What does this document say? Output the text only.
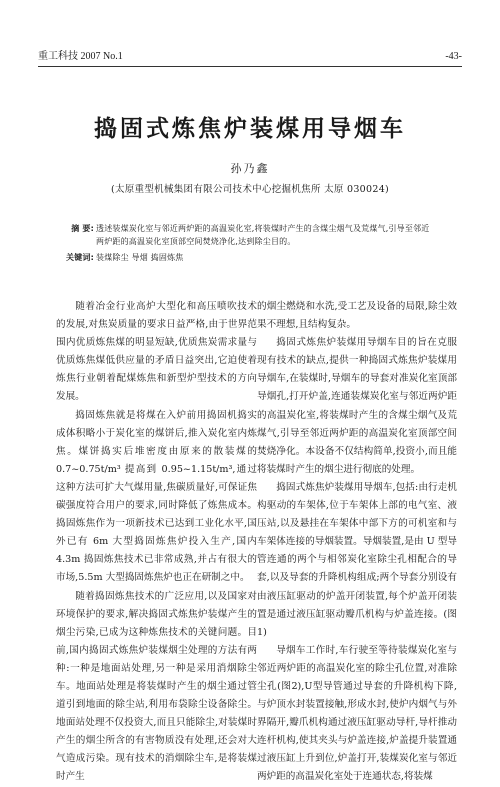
重工科技 2007 No.1	-43-
捣固式炼焦炉装煤用导烟车
孙乃鑫
(太原重型机械集团有限公司技术中心挖掘机焦所 太原 030024)
摘 要: 透述装煤炭化室与邻近两炉距的高温炭化室,将装煤时产生的含煤尘烟气及荒煤气,引导至邻近两炉距的高温炭化室顶部空间焚烧净化,达到除尘目的。
关键词: 装煤除尘 导烟 捣固炼焦

随着冶金行业高炉大型化和高压喷吹技术的发展,对焦炭质量的要求日益严格,由于世界范围内优质炼焦煤的明显短缺,优质焦炭需求量与优质炼焦煤低供应量的矛盾日益突出,它迫使着炼焦行业朝着配煤炼焦和新型炉型技术的方向发展。

捣固炼焦就是将煤在入炉前用捣固机捣实成体积略小于炭化室的煤饼后,推入炭化室内炼焦。煤饼捣实后堆密度由原来的散装煤的 0.7~0.75t/m³ 提高到 0.95~1.15t/m³,通过这种方法可扩大气煤用量,焦碳质量好,可保证焦碳强度符合用户的要求,同时降低了炼焦成本。捣固炼焦作为一项新技术已达到工业化水平,国外已有 6m 大型捣固炼焦炉投入生产,国内 4.3m 捣固炼焦技术已非常成熟,并占有很大的市场,5.5m 大型捣固炼焦炉也正在研制之中。

随着捣固炼焦技术的广泛应用,以及国家对环境保护的要求,解决捣固式炼焦炉装煤产生的烟尘污染,已成为这种炼焦技术的关键问题。目前,国内捣固式炼焦炉装煤烟尘处理的方法有两种:一种是地面站处理,另一种是采用消烟除尘车。地面站处理是将装煤时产生的烟尘通过管道引到地面的除尘站,利用布袋除尘设备除尘。地面站处理不仅投资大,而且只能除尘,对装煤时产生的烟尘所含的有害物质没有处理,还会对大气造成污染。现有技术的消烟除尘车,是将装煤时产生

的烟尘燃烧和水洗,受工艺及设备的局限,除尘效果不理想,且结构复杂。

捣固式炼焦炉装煤用导烟车目的旨在克服现有技术的缺点,提供一种捣固式炼焦炉装煤用导烟车,在装煤时,导烟车的导套对准炭化室顶部导烟孔,打开炉盖,连通装煤炭化室与邻近两炉距的高温炭化室,将装煤时产生的含煤尘烟气及荒煤气,引导至邻近两炉距的高温炭化室顶部空间焚烧净化。本设备不仅结构简单,投资小,而且能将装煤时产生的烟尘进行彻底的处理。

捣固式炼焦炉装煤用导烟车,包括:由行走机构驱动的车架体,位于车架体上部的电气室、液压站,以及悬挂在车架体中部下方的可机室和与车架体连接的导烟装置。导烟装置,是由 U 型导管连通的两个与相邻炭化室除尘孔相配合的导套,以及导套的升降机构组成;两个导套分别设有由液压缸驱动的炉盖开闭装置,每个炉盖开闭装置是通过液压缸驱动瓣爪机构与炉盖连接。(图1)

导烟车工作时,车行驶至等待装煤炭化室与邻近两炉距的高温炭化室的除尘孔位置,对准除尘孔(图2),U型导管通过导套的升降机构下降,与炉顶水封装置接触,形成水封,使炉内烟气与外界隔开,瓣爪机构通过液压缸驱动导杆,导杆推动连杆机构,使其夹头与炉盖连接,炉盖提升装置通过液压缸上升到位,炉盖打开,装煤炭化室与邻近两炉距的高温炭化室处于连通状态,将装煤
